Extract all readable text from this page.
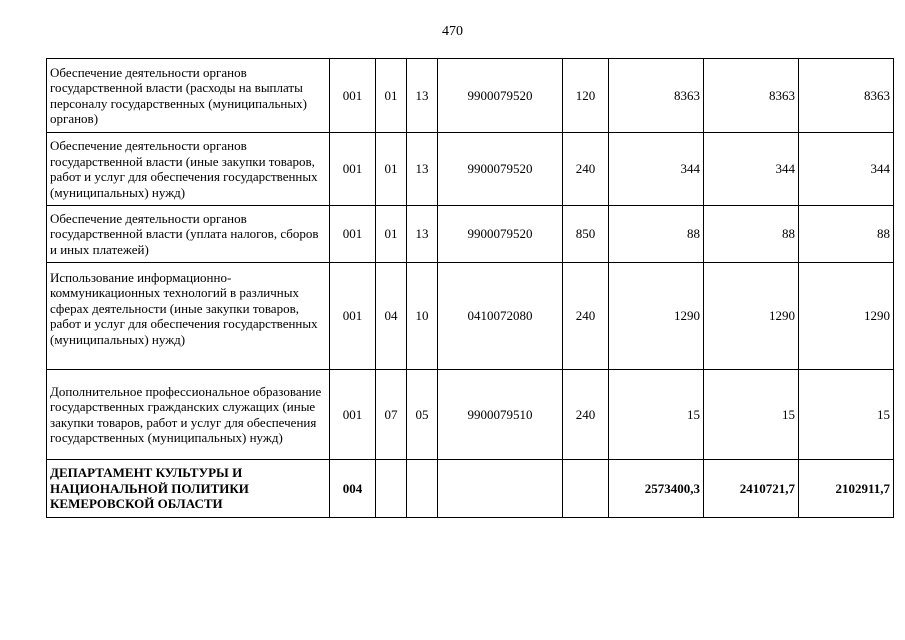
470
Обеспечение деятельности органов государственной власти (расходы на выплаты персоналу государственных (муниципальных) органов)	001	01	13	9900079520	120	8363	8363	8363
Обеспечение деятельности органов государственной власти (иные закупки товаров, работ и услуг для обеспечения государственных (муниципальных) нужд)	001	01	13	9900079520	240	344	344	344
Обеспечение деятельности органов государственной власти (уплата налогов, сборов и иных платежей)	001	01	13	9900079520	850	88	88	88
Использование информационно-коммуникационных технологий в различных сферах деятельности (иные закупки товаров, работ и услуг для обеспечения государственных (муниципальных) нужд)	001	04	10	0410072080	240	1290	1290	1290
Дополнительное профессиональное образование государственных гражданских служащих (иные закупки товаров, работ и услуг для обеспечения государственных (муниципальных) нужд)	001	07	05	9900079510	240	15	15	15
ДЕПАРТАМЕНТ КУЛЬТУРЫ И НАЦИОНАЛЬНОЙ ПОЛИТИКИ КЕМЕРОВСКОЙ ОБЛАСТИ	004					2573400,3	2410721,7	2102911,7
